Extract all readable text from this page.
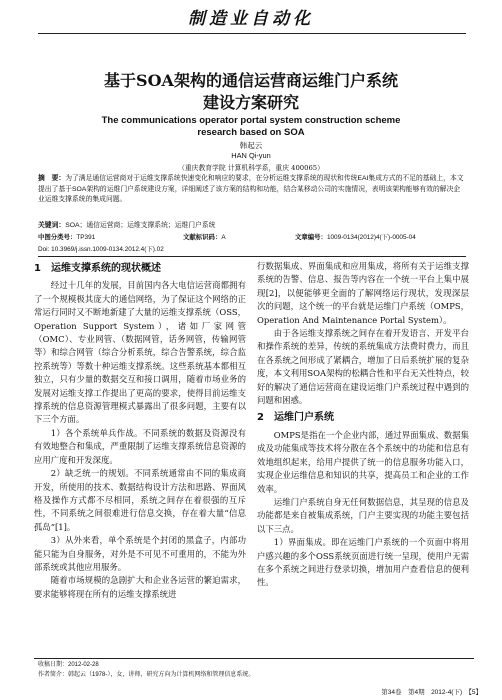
制造业自动化
基于SOA架构的通信运营商运维门户系统
建设方案研究
The communications operator portal system construction scheme
research based on SOA
韩起云
HAN Qi-yun
（重庆教育学院 计算机科学系，重庆 400065）
摘　要：为了满足通信运营商对于运维支撑系统快速变化和响应的要求，在分析运维支撑系统的现状和传统EAI集成方式的不足的基础上，本文提出了基于SOA架构的运维门户系统建设方案，详细阐述了该方案的结构和功能，结合某移动公司的实施情况，表明该架构能够有效的解决企业运维支撑系统的集成问题。
关键词：SOA；通信运营商；运维支撑系统；运维门户系统
中图分类号：TP391	文献标识码：A	文章编号：1009-0134(2012)4(下)-0005-04
Doi: 10.3969/j.issn.1009-0134.2012.4(下).02
1　运维支撑系统的现状概述

经过十几年的发展，目前国内各大电信运营商都拥有了一个规模极其庞大的通信网络，为了保证这个网络的正常运行同时又不断地新建了大量的运维支撑系统（OSS，Operation Support System），诸如厂家网管（OMC）、专业网管、（数据网管，话务网管，传输网管等）和综合网管（综合分析系统，综合告警系统，综合监控系统等）等数十种运维支撑系统。这些系统基本都相互独立，只有少量的数据交互和接口调用，随着市场业务的发展对运维支撑工作提出了更高的要求，使得目前运维支撑系统的信息资源管理模式暴露出了很多问题，主要有以下三个方面。

1）各个系统单兵作战。不同系统的数据及资源没有有效地整合和集成，严重限制了运维支撑系统信息资源的应用广度和开发深度。

2）缺乏统一的规划。不同系统通常由不同的集成商开发，所使用的技术、数据结构设计方法和思路、界面风格及操作方式都不尽相同，系统之间存在着很强的互斥性，不同系统之间很难进行信息交换，存在着大量“信息孤岛”[1]。

3）从外来看，单个系统是个封闭的黑盒子，内部功能只能为自身服务，对外是不可见不可重用的，不能为外部系统或其他应用服务。

随着市场规模的急剧扩大和企业各运营的繁迫需求，要求能够将现在所有的运维支撑系统进

行数据集成、界面集成和应用集成，将所有关于运维支撑系统的告警、信息、报告等内容在一个统一平台上集中展现[2]，以便能够更全面的了解网络运行现状，发现深层次的问题，这个统一的平台就是运维门户系统（OMPS，Operation And Maintenance Portal System）。

由于各运维支撑系统之间存在着开发语言、开发平台和操作系统的差异，传统的系统集成方法费时费力，而且在各系统之间形成了紧耦合，增加了日后系统扩展的复杂度，本文利用SOA架构的松耦合性和平台无关性特点，较好的解决了通信运营商在建设运维门户系统过程中遇到的问题和困惑。

2　运维门户系统

OMPS是指在一个企业内部，通过界面集成、数据集成及功能集成等技术将分散在各个系统中的功能和信息有效地组织起来，给用户提供了统一的信息服务功能入口，实现企业运维信息和知识的共享，提高员工和企业的工作效率。

运维门户系统自身无任何数据信息，其呈现的信息及功能都是来自被集成系统，门户主要实现的功能主要包括以下三点。

1）界面集成。即在运维门户系统的一个页面中将用户感兴趣的多个OSS系统页面进行统一呈现，使用户无需在多个系统之间进行登录切换，增加用户查看信息的便利性。

收稿日期：2012-02-28
作者简介：韩起云（1978-），女，讲师，研究方向为计算机网络和管理信息系统。
第34卷　第4期　2012-4(下)　【5】
